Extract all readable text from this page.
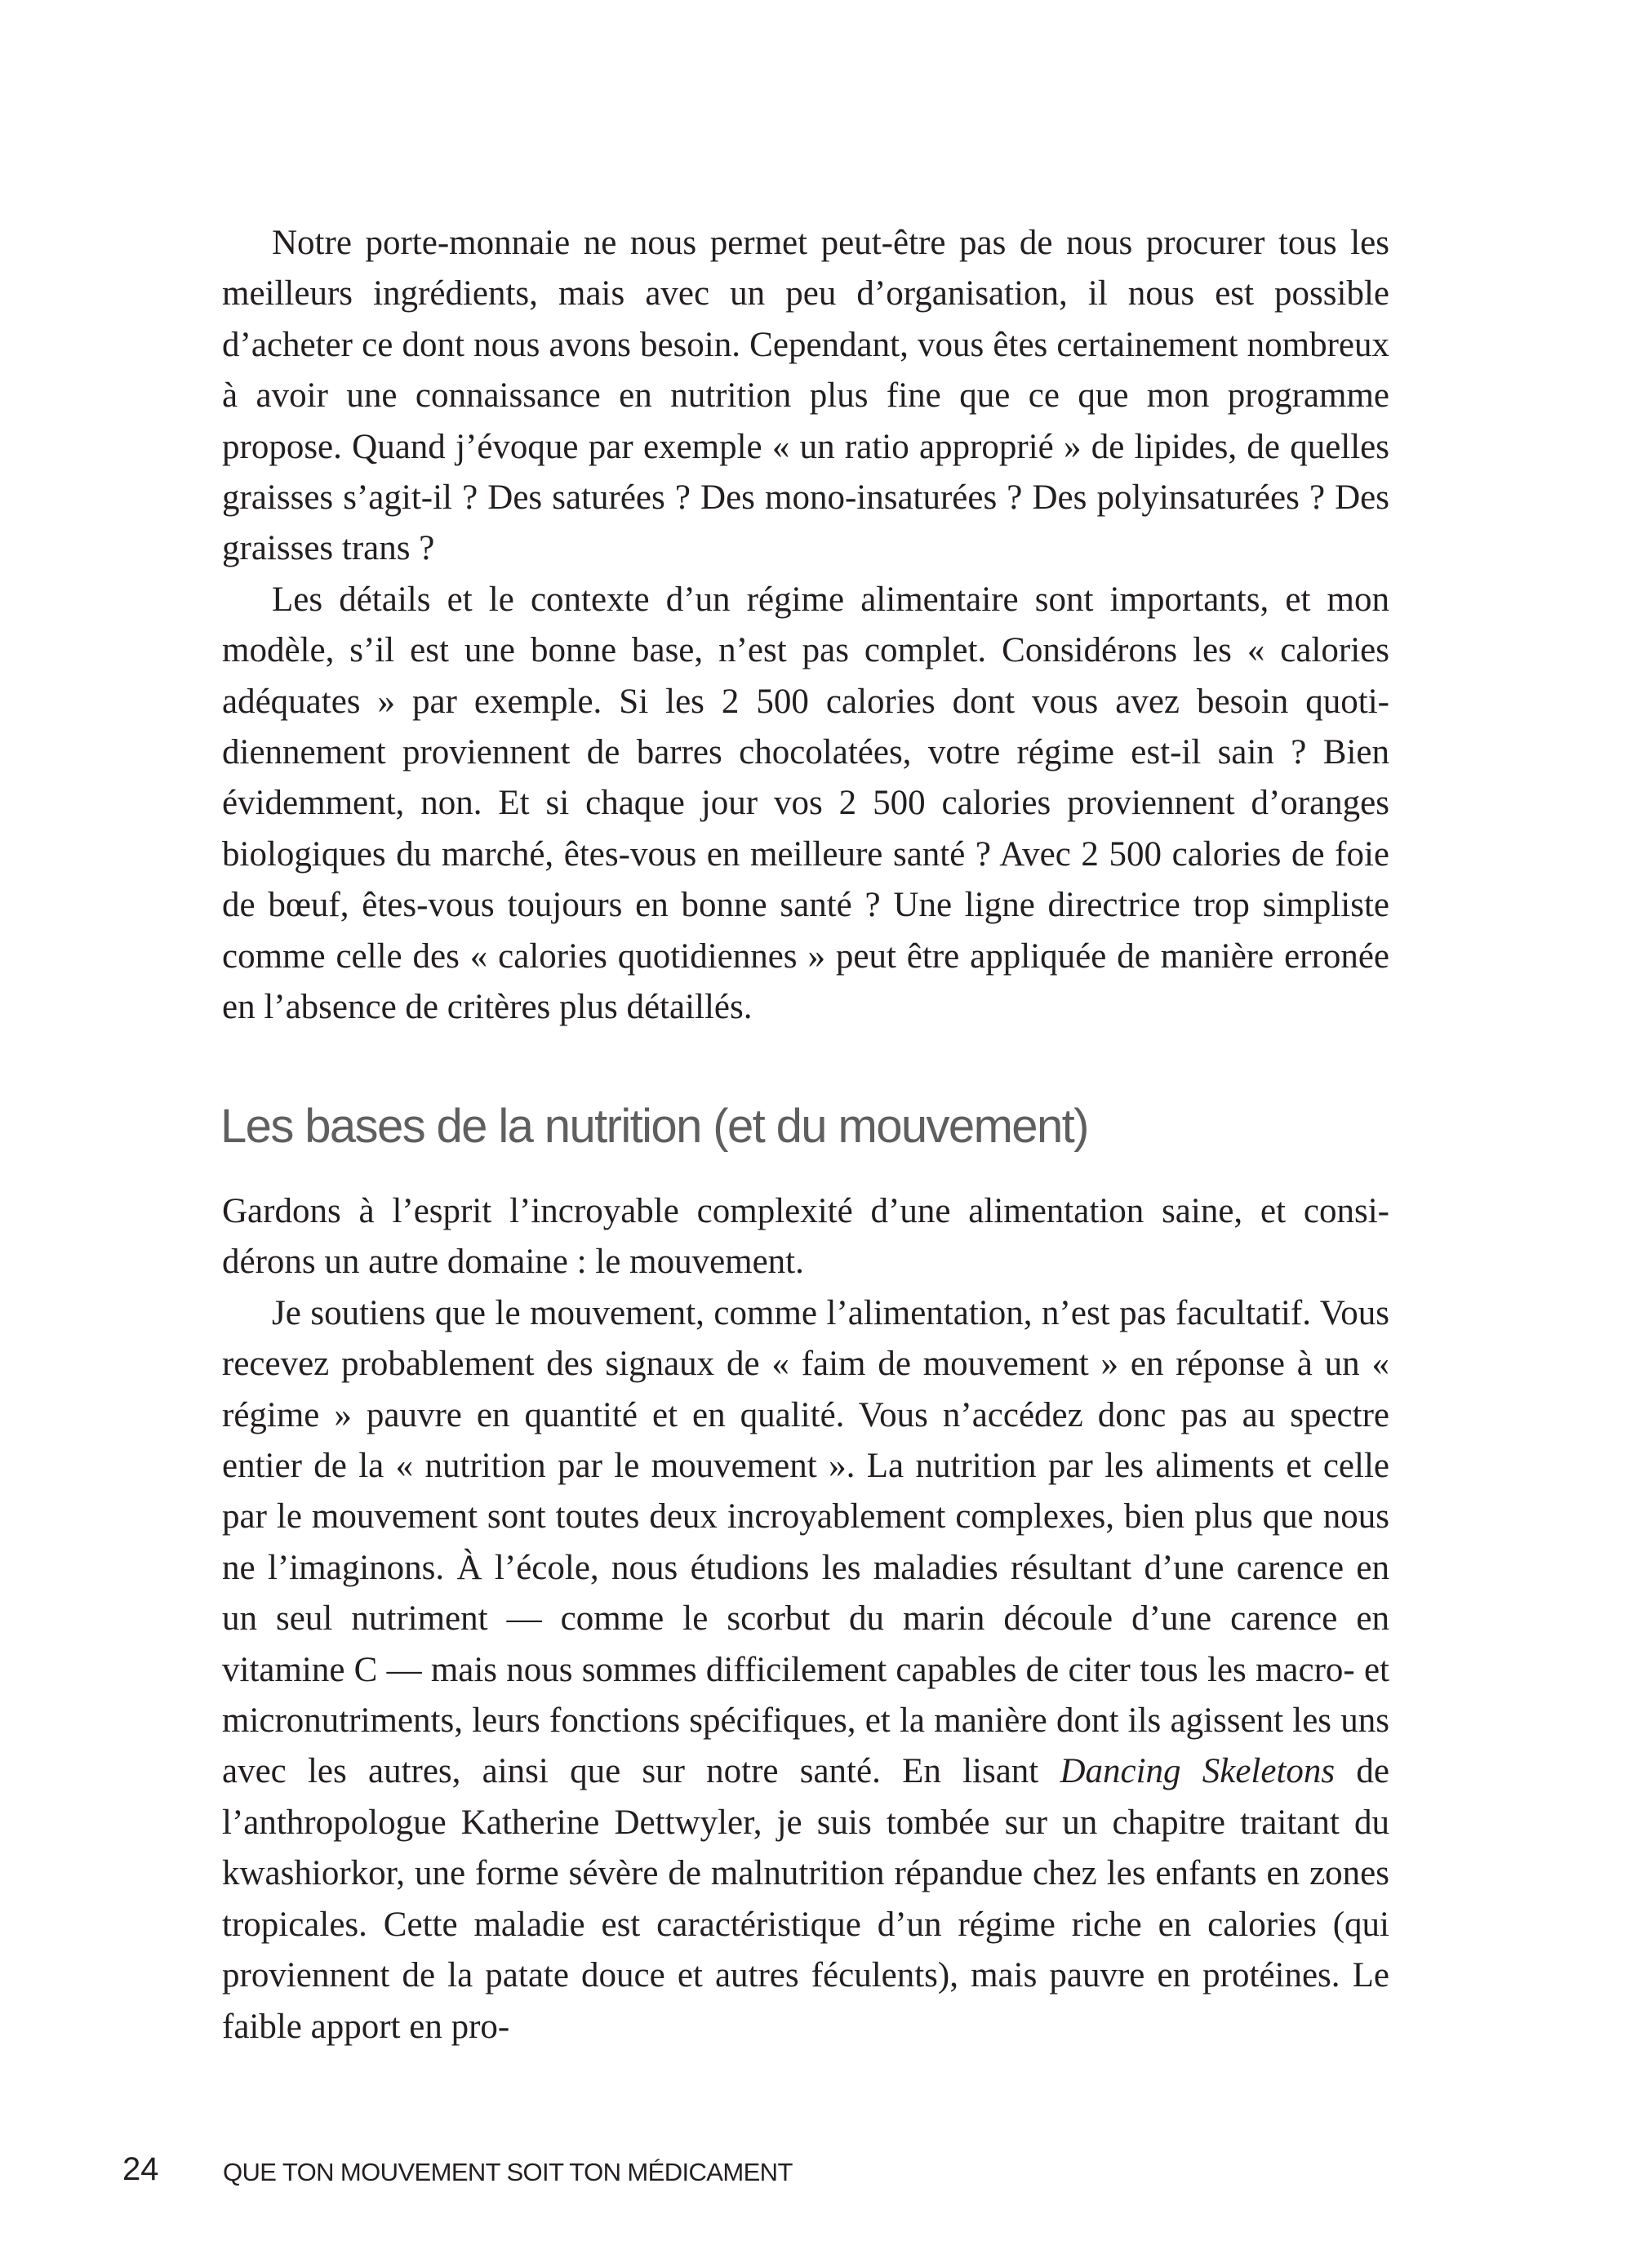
Notre porte-monnaie ne nous permet peut-être pas de nous procurer tous les meilleurs ingrédients, mais avec un peu d’organisation, il nous est possible d’acheter ce dont nous avons besoin. Cependant, vous êtes certainement nombreux à avoir une connaissance en nutrition plus fine que ce que mon programme propose. Quand j’évoque par exemple « un ratio approprié » de lipides, de quelles graisses s’agit-il ? Des saturées ? Des mono-insaturées ? Des polyinsaturées ? Des graisses trans ?

Les détails et le contexte d’un régime alimentaire sont importants, et mon modèle, s’il est une bonne base, n’est pas complet. Considérons les « calories adéquates » par exemple. Si les 2 500 calories dont vous avez besoin quotidiennement proviennent de barres chocolatées, votre régime est-il sain ? Bien évidemment, non. Et si chaque jour vos 2 500 calories proviennent d’oranges biologiques du marché, êtes-vous en meilleure santé ? Avec 2 500 calories de foie de bœuf, êtes-vous toujours en bonne santé ? Une ligne directrice trop simpliste comme celle des « calories quotidiennes » peut être appliquée de manière erronée en l’absence de critères plus détaillés.

Les bases de la nutrition (et du mouvement)

Gardons à l’esprit l’incroyable complexité d’une alimentation saine, et considérons un autre domaine : le mouvement.

Je soutiens que le mouvement, comme l’alimentation, n’est pas facultatif. Vous recevez probablement des signaux de « faim de mouvement » en réponse à un « régime » pauvre en quantité et en qualité. Vous n’accédez donc pas au spectre entier de la « nutrition par le mouvement ». La nutrition par les aliments et celle par le mouvement sont toutes deux incroyablement complexes, bien plus que nous ne l’imaginons. À l’école, nous étudions les maladies résultant d’une carence en un seul nutriment — comme le scorbut du marin découle d’une carence en vitamine C — mais nous sommes difficilement capables de citer tous les macro- et micronutriments, leurs fonctions spécifiques, et la manière dont ils agissent les uns avec les autres, ainsi que sur notre santé. En lisant Dancing Skeletons de l’anthropologue Katherine Dettwyler, je suis tombée sur un chapitre traitant du kwashiorkor, une forme sévère de malnutrition répandue chez les enfants en zones tropicales. Cette maladie est caractéristique d’un régime riche en calories (qui proviennent de la patate douce et autres féculents), mais pauvre en protéines. Le faible apport en pro-

24	QUE TON MOUVEMENT SOIT TON MÉDICAMENT
